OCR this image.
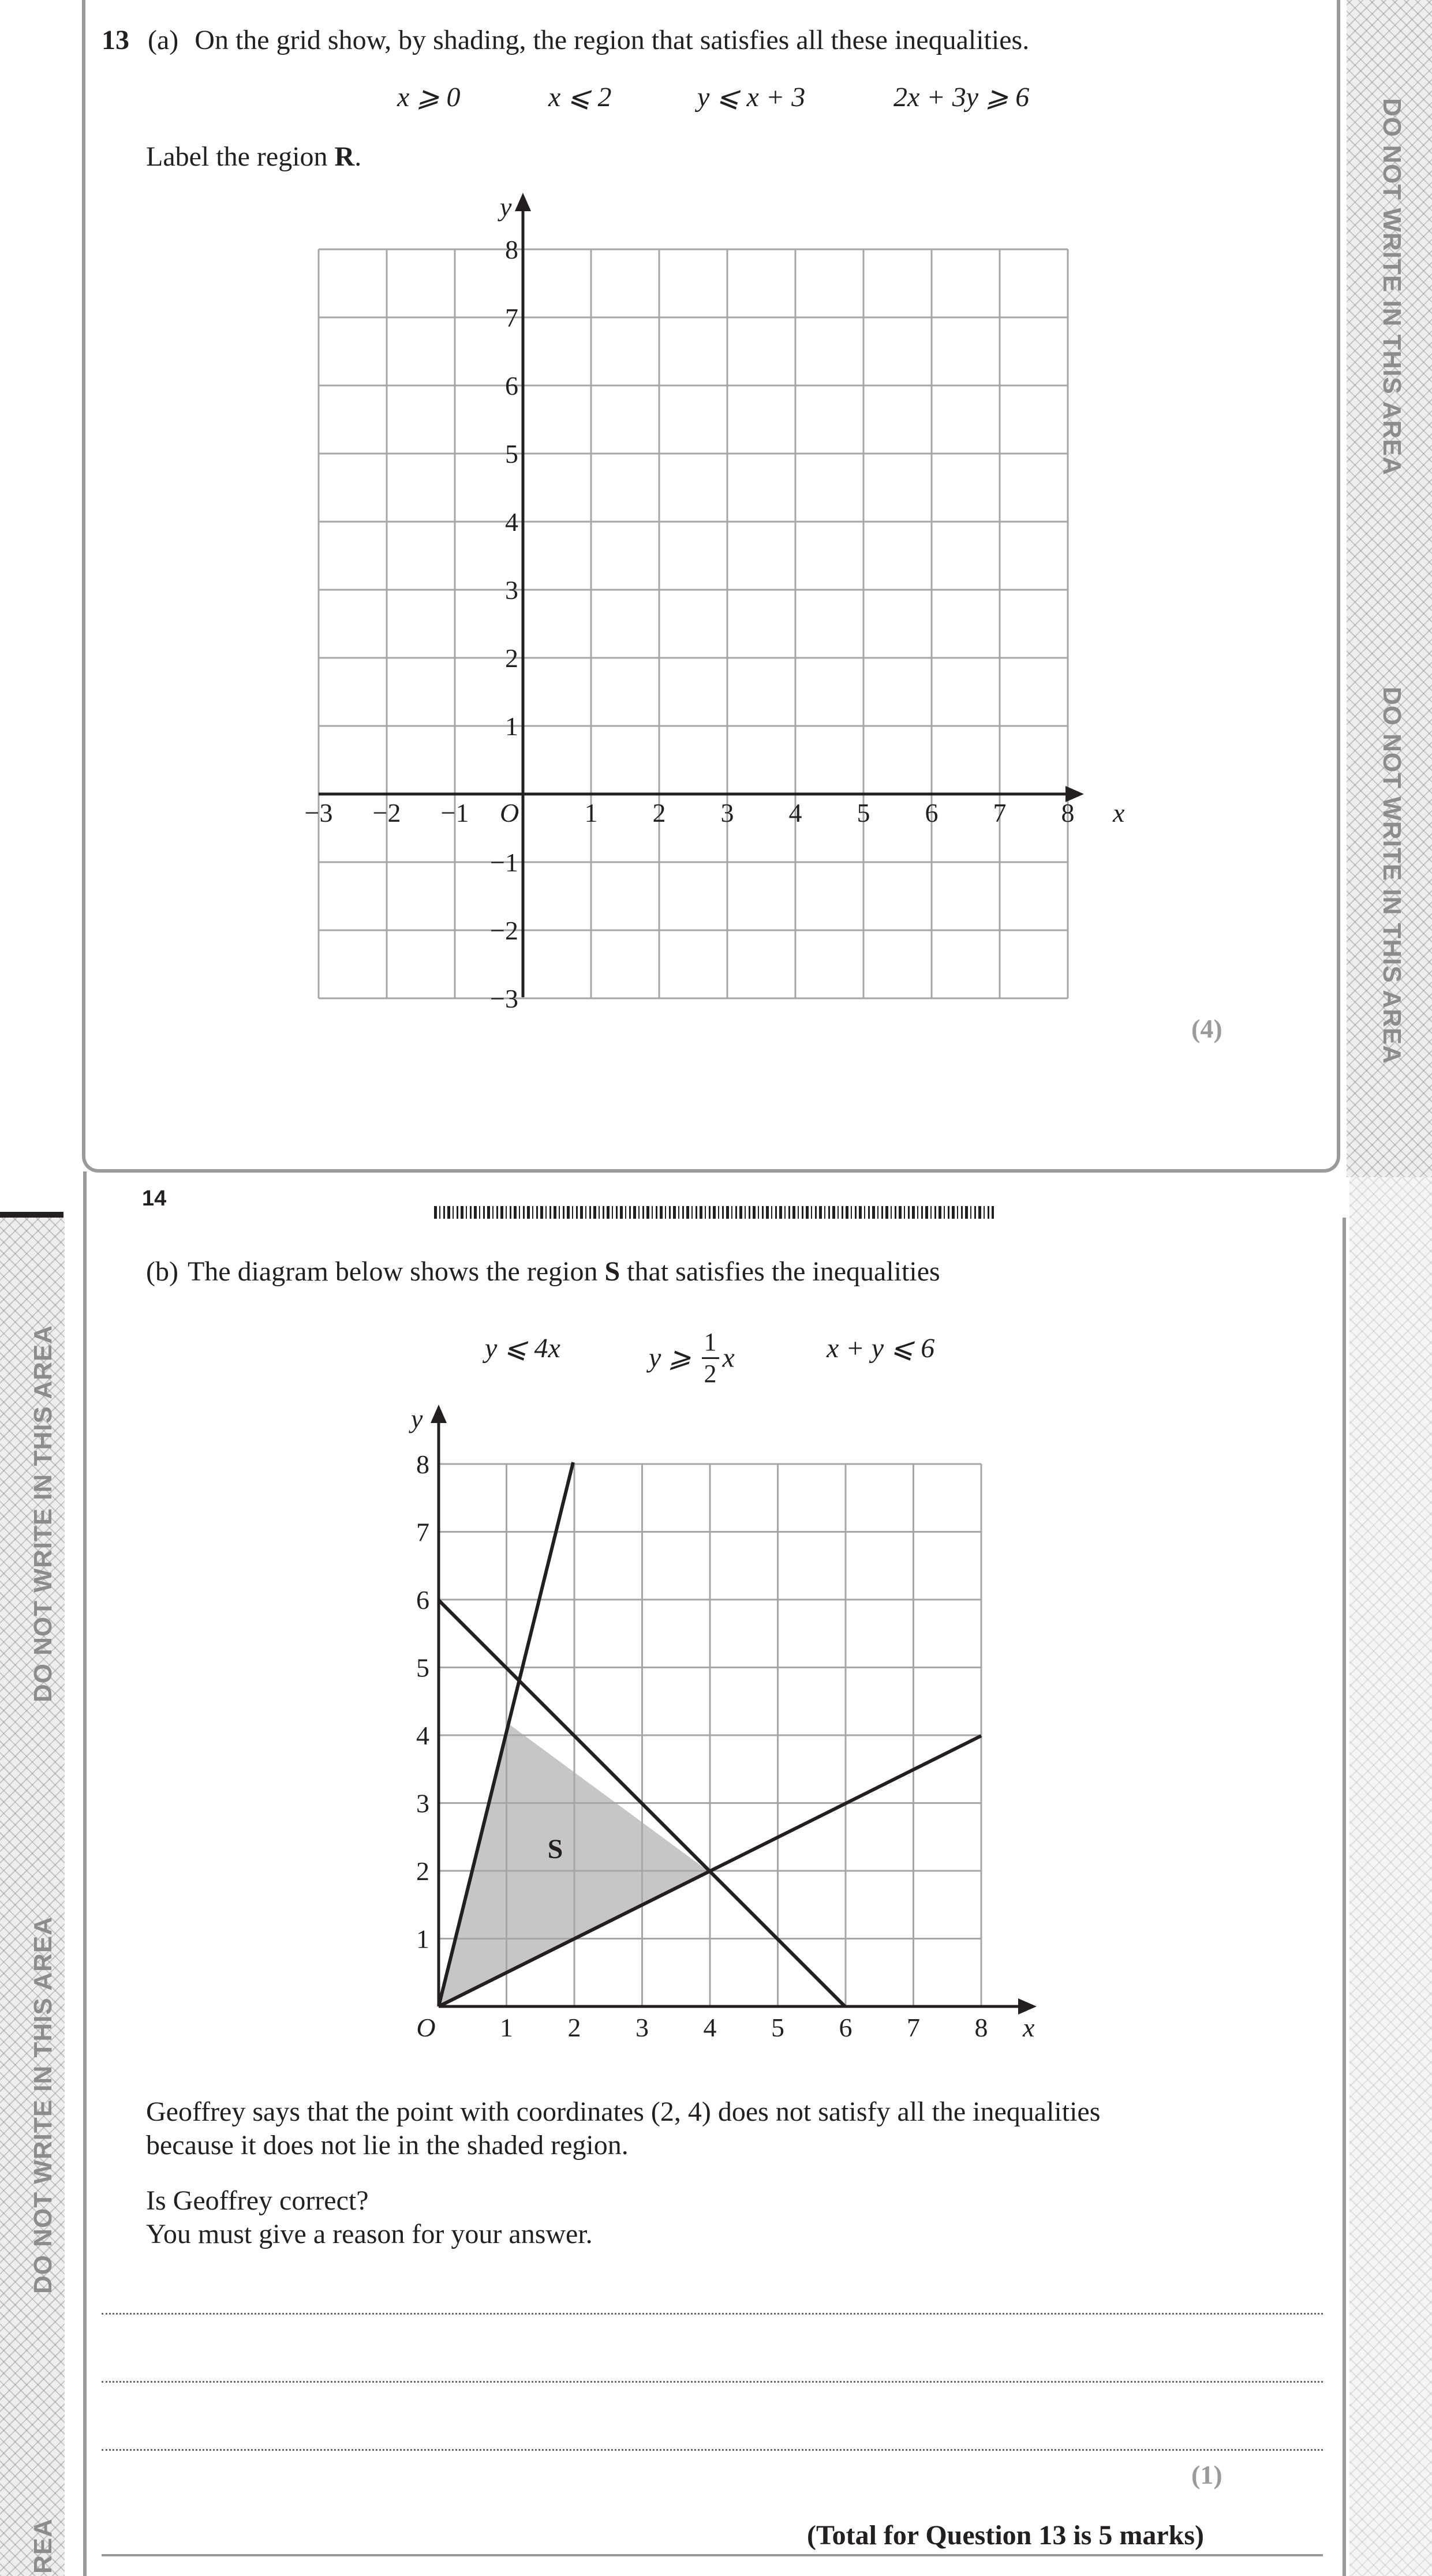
DO NOT WRITE IN THIS AREA
DO NOT WRITE IN THIS AREA
13 (a) On the grid show, by shading, the region that satisfies all these inequalities.
x ⩾ 0	x ⩽ 2	y ⩽ x + 3	2x + 3y ⩾ 6
Label the region R.
−3 −2 −1	1 2 3 4 5 6 7 8
8
7
6
5
4
3
2
1
−1
−2
−3
O	x
y
(4)
14
DO NOT WRITE IN THIS AREA
DO NOT WRITE IN THIS AREA
REA
(b) The diagram below shows the region S that satisfies the inequalities
y ⩽ 4x	y ⩾ $\frac{1}{2}$ x	x + y ⩽ 6
1 2 3 4 5 6 7 8
8
7
6
5
4
3
2
1
O	x
y
S
Geoffrey says that the point with coordinates (2, 4) does not satisfy all the inequalities
because it does not lie in the shaded region.
Is Geoffrey correct?
You must give a reason for your answer.
(1)
(Total for Question 13 is 5 marks)
